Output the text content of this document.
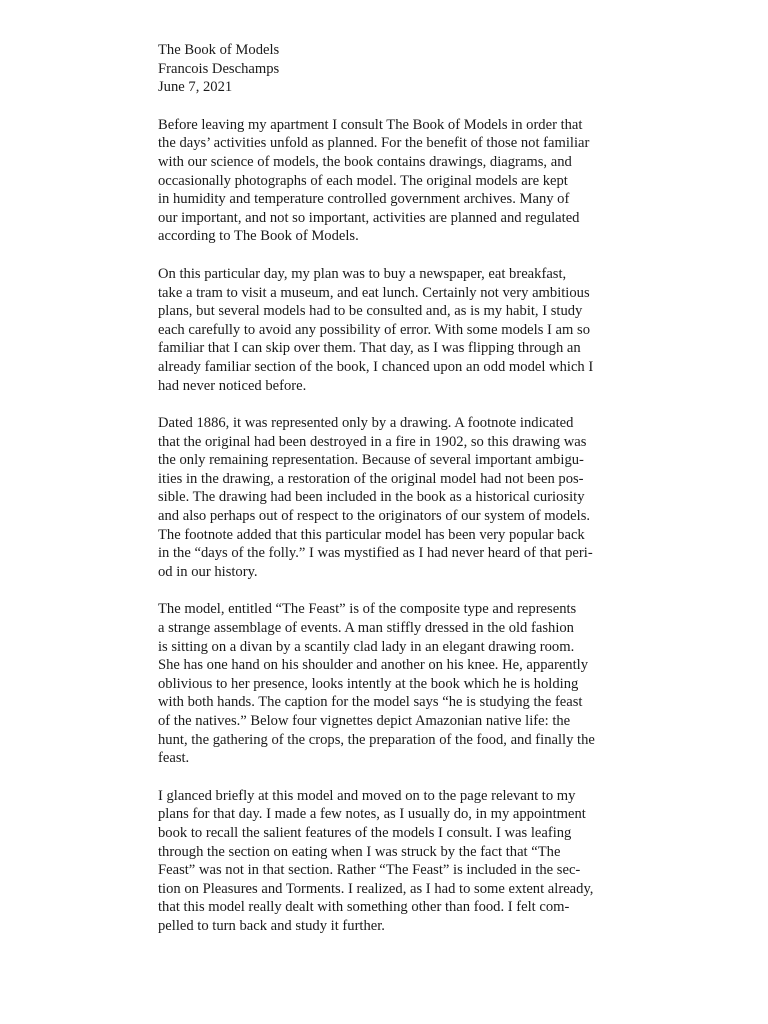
The Book of Models
Francois Deschamps
June 7, 2021

Before leaving my apartment I consult The Book of Models in order that
the days’ activities unfold as planned. For the benefit of those not familiar
with our science of models, the book contains drawings, diagrams, and
occasionally photographs of each model. The original models are kept
in humidity and temperature controlled government archives. Many of
our important, and not so important, activities are planned and regulated
according to The Book of Models.

On this particular day, my plan was to buy a newspaper, eat breakfast,
take a tram to visit a museum, and eat lunch. Certainly not very ambitious
plans, but several models had to be consulted and, as is my habit, I study
each carefully to avoid any possibility of error. With some models I am so
familiar that I can skip over them. That day, as I was flipping through an
already familiar section of the book, I chanced upon an odd model which I
had never noticed before.

Dated 1886, it was represented only by a drawing. A footnote indicated
that the original had been destroyed in a fire in 1902, so this drawing was
the only remaining representation. Because of several important ambigu-
ities in the drawing, a restoration of the original model had not been pos-
sible. The drawing had been included in the book as a historical curiosity
and also perhaps out of respect to the originators of our system of models.
The footnote added that this particular model has been very popular back
in the “days of the folly.” I was mystified as I had never heard of that peri-
od in our history.

The model, entitled “The Feast” is of the composite type and represents
a strange assemblage of events. A man stiffly dressed in the old fashion
is sitting on a divan by a scantily clad lady in an elegant drawing room.
She has one hand on his shoulder and another on his knee. He, apparently
oblivious to her presence, looks intently at the book which he is holding
with both hands. The caption for the model says “he is studying the feast
of the natives.” Below four vignettes depict Amazonian native life: the
hunt, the gathering of the crops, the preparation of the food, and finally the
feast.

I glanced briefly at this model and moved on to the page relevant to my
plans for that day. I made a few notes, as I usually do, in my appointment
book to recall the salient features of the models I consult. I was leafing
through the section on eating when I was struck by the fact that “The
Feast” was not in that section. Rather “The Feast” is included in the sec-
tion on Pleasures and Torments. I realized, as I had to some extent already,
that this model really dealt with something other than food. I felt com-
pelled to turn back and study it further.
